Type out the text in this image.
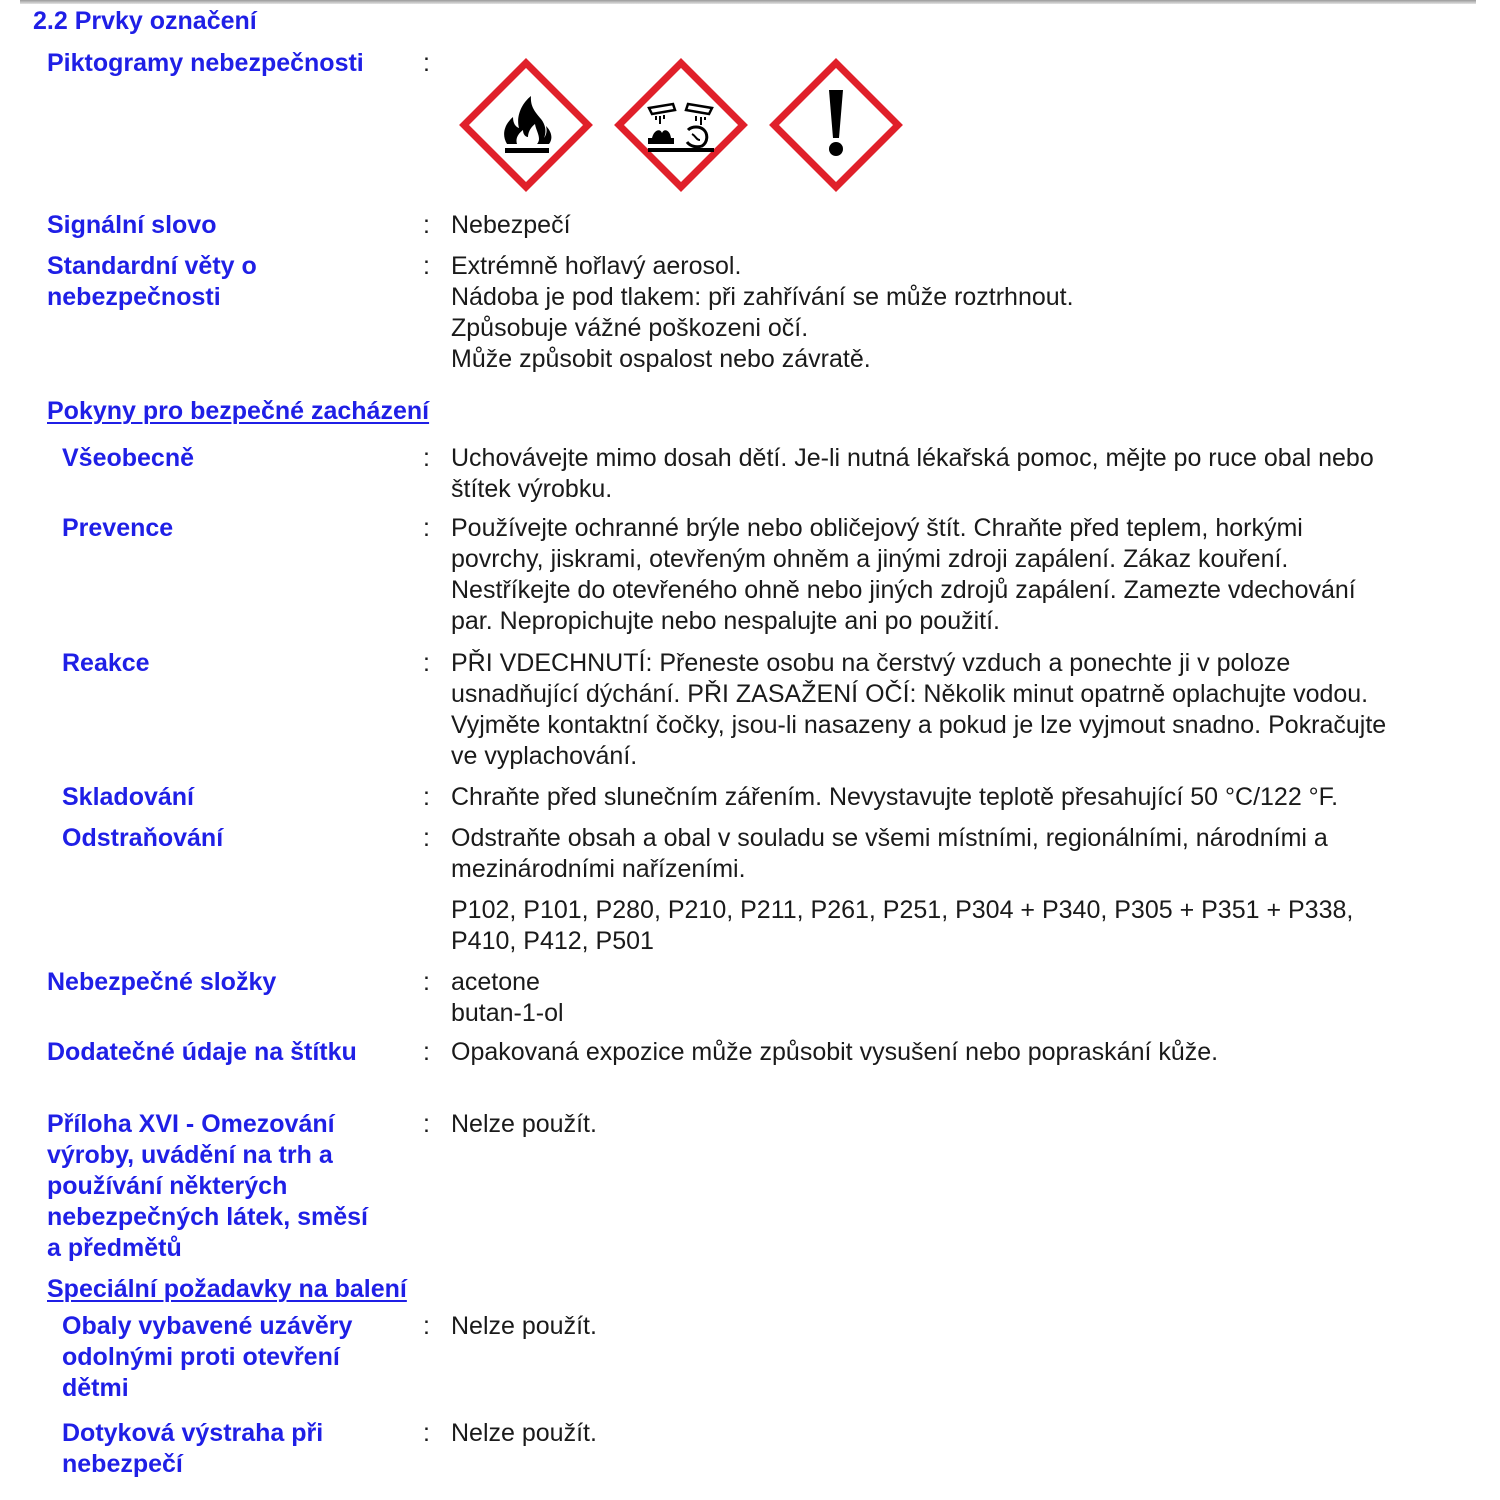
2.2 Prvky označení
Piktogramy nebezpečnosti :
Signální slovo	: Nebezpečí
Standardní věty o
nebezpečnosti
: Extrémně hořlavý aerosol.
Nádoba je pod tlakem: při zahřívání se může roztrhnout.
Způsobuje vážné poškozeni očí.
Může způsobit ospalost nebo závratě.
Pokyny pro bezpečné zacházení
Všeobecně	: Uchovávejte mimo dosah dětí. Je-li nutná lékařská pomoc, mějte po ruce obal nebo
štítek výrobku.
Prevence	: Používejte ochranné brýle nebo obličejový štít. Chraňte před teplem, horkými
povrchy, jiskrami, otevřeným ohněm a jinými zdroji zapálení. Zákaz kouření.
Nestříkejte do otevřeného ohně nebo jiných zdrojů zapálení. Zamezte vdechování
par. Nepropichujte nebo nespalujte ani po použití.
Reakce	: PŘI VDECHNUTÍ: Přeneste osobu na čerstvý vzduch a ponechte ji v poloze
usnadňující dýchání. PŘI ZASAŽENÍ OČÍ: Několik minut opatrně oplachujte vodou.
Vyjměte kontaktní čočky, jsou-li nasazeny a pokud je lze vyjmout snadno. Pokračujte
ve vyplachování.
Skladování	: Chraňte před slunečním zářením. Nevystavujte teplotě přesahující 50 °C/122 °F.
Odstraňování	: Odstraňte obsah a obal v souladu se všemi místními, regionálními, národními a
mezinárodními nařízeními.
P102, P101, P280, P210, P211, P261, P251, P304 + P340, P305 + P351 + P338,
P410, P412, P501
Nebezpečné složky	: acetone
butan-1-ol
Dodatečné údaje na štítku	: Opakovaná expozice může způsobit vysušení nebo popraskání kůže.
Příloha XVI - Omezování
výroby, uvádění na trh a
používání některých
nebezpečných látek, směsí
a předmětů
: Nelze použít.
Speciální požadavky na balení
Obaly vybavené uzávěry
odolnými proti otevření
dětmi
: Nelze použít.
Dotyková výstraha při
nebezpečí
: Nelze použít.
